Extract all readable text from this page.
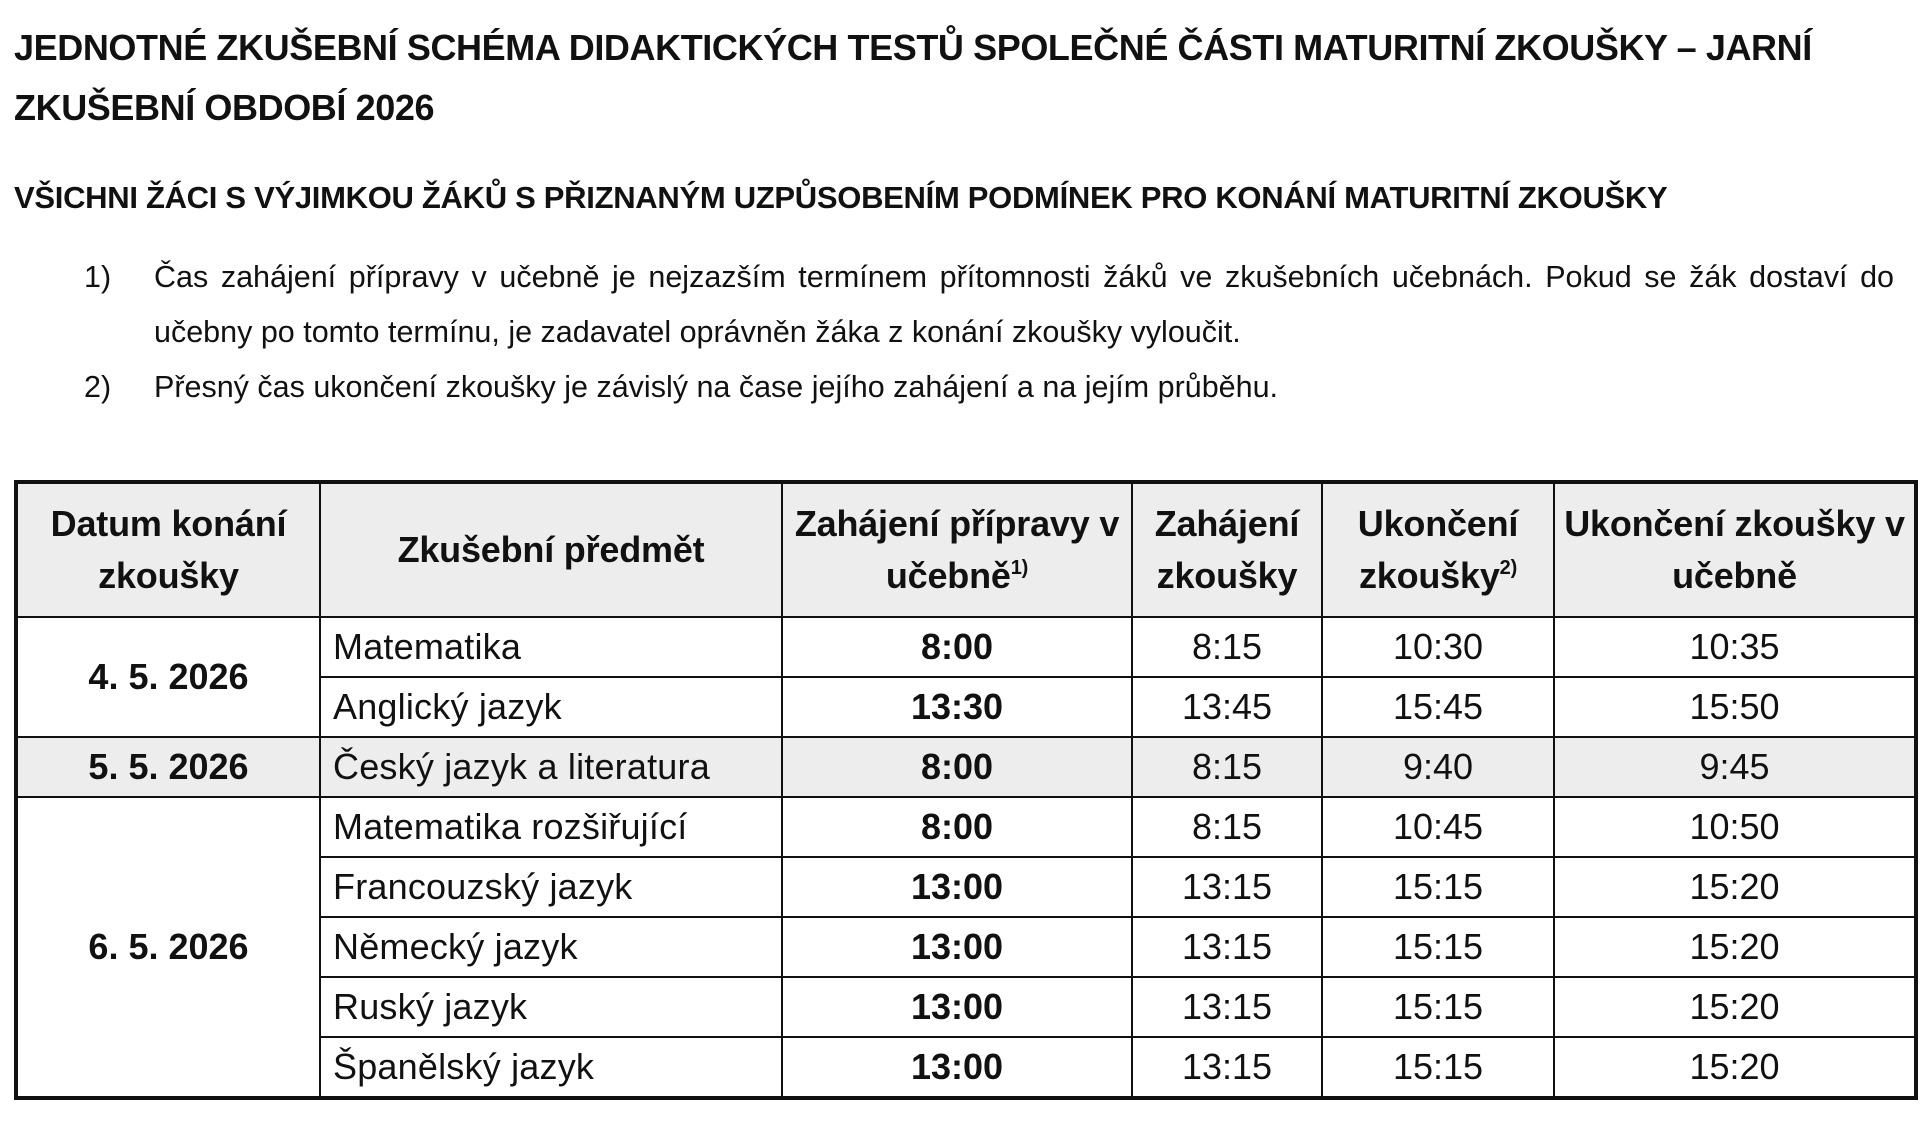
JEDNOTNÉ ZKUŠEBNÍ SCHÉMA DIDAKTICKÝCH TESTŮ SPOLEČNÉ ČÁSTI MATURITNÍ ZKOUŠKY – JARNÍ ZKUŠEBNÍ OBDOBÍ 2026
VŠICHNI ŽÁCI S VÝJIMKOU ŽÁKŮ S PŘIZNANÝM UZPŮSOBENÍM PODMÍNEK PRO KONÁNÍ MATURITNÍ ZKOUŠKY
1) Čas zahájení přípravy v učebně je nejzazším termínem přítomnosti žáků ve zkušebních učebnách. Pokud se žák dostaví do učebny po tomto termínu, je zadavatel oprávněn žáka z konání zkoušky vyloučit.
2) Přesný čas ukončení zkoušky je závislý na čase jejího zahájení a na jejím průběhu.
Datum konání zkoušky	Zkušební předmět	Zahájení přípravy v učebně$^{1)}$	Zahájení zkoušky	Ukončení zkoušky$^{2)}$	Ukončení zkoušky v učebně
4. 5. 2026	Matematika	8:00	8:15	10:30	10:35
	Anglický jazyk	13:30	13:45	15:45	15:50
5. 5. 2026	Český jazyk a literatura	8:00	8:15	9:40	9:45
6. 5. 2026	Matematika rozšiřující	8:00	8:15	10:45	10:50
	Francouzský jazyk	13:00	13:15	15:15	15:20
	Německý jazyk	13:00	13:15	15:15	15:20
	Ruský jazyk	13:00	13:15	15:15	15:20
	Španělský jazyk	13:00	13:15	15:15	15:20
